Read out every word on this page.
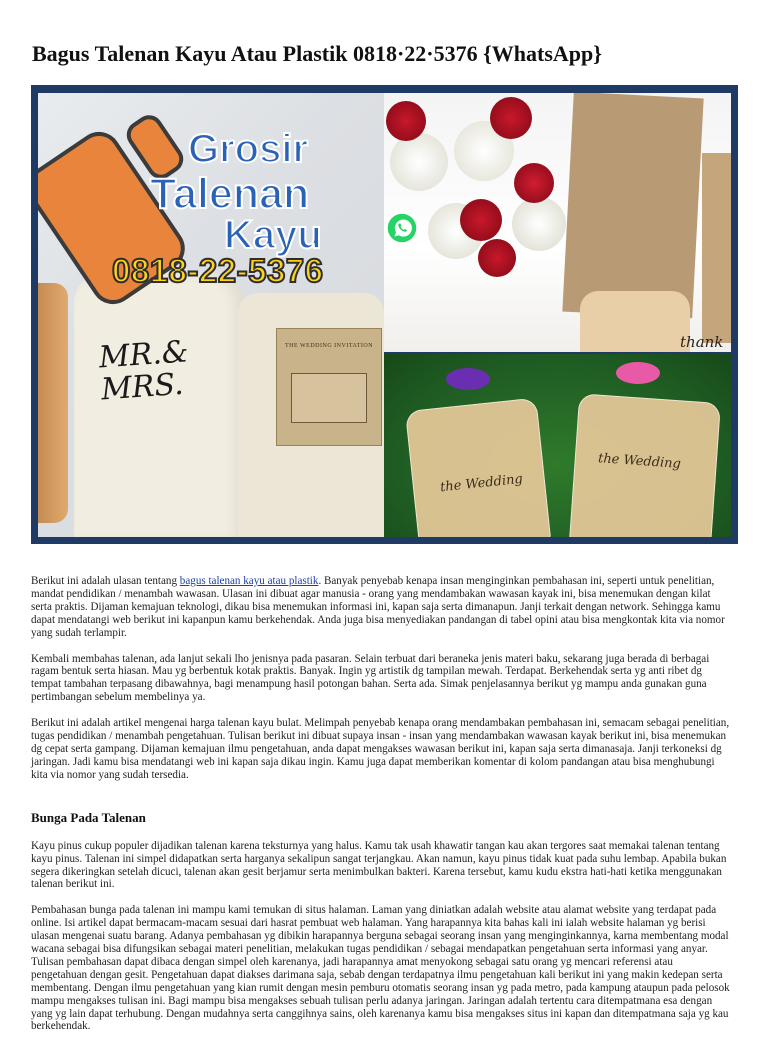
Bagus Talenan Kayu Atau Plastik 0818·22·5376 {WhatsApp}
MR.& MRS.
THE WEDDING INVITATION
Grosir
Talenan
Kayu
0818-22-5376
thank
the Wedding
the Wedding

Berikut ini adalah ulasan tentang bagus talenan kayu atau plastik. Banyak penyebab kenapa insan menginginkan pembahasan ini, seperti untuk penelitian, mandat pendidikan / menambah wawasan. Ulasan ini dibuat agar manusia - orang yang mendambakan wawasan kayak ini, bisa menemukan dengan kilat serta praktis. Dijaman kemajuan teknologi, dikau bisa menemukan informasi ini, kapan saja serta dimanapun. Janji terkait dengan network. Sehingga kamu dapat mendatangi web berikut ini kapanpun kamu berkehendak. Anda juga bisa menyediakan pandangan di tabel opini atau bisa mengkontak kita via nomor yang sudah terlampir.

Kembali membahas talenan, ada lanjut sekali lho jenisnya pada pasaran. Selain terbuat dari beraneka jenis materi baku, sekarang juga berada di berbagai ragam bentuk serta hiasan. Mau yg berbentuk kotak praktis. Banyak. Ingin yg artistik dg tampilan mewah. Terdapat. Berkehendak serta yg anti ribet dg tempat tambahan terpasang dibawahnya, bagi menampung hasil potongan bahan. Serta ada. Simak penjelasannya berikut yg mampu anda gunakan guna pertimbangan sebelum membelinya ya.

Berikut ini adalah artikel mengenai harga talenan kayu bulat. Melimpah penyebab kenapa orang mendambakan pembahasan ini, semacam sebagai penelitian, tugas pendidikan / menambah pengetahuan. Tulisan berikut ini dibuat supaya insan - insan yang mendambakan wawasan kayak berikut ini, bisa menemukan dg cepat serta gampang. Dijaman kemajuan ilmu pengetahuan, anda dapat mengakses wawasan berikut ini, kapan saja serta dimanasaja. Janji terkoneksi dg jaringan. Jadi kamu bisa mendatangi web ini kapan saja dikau ingin. Kamu juga dapat memberikan komentar di kolom pandangan atau bisa menghubungi kita via nomor yang sudah tersedia.

Bunga Pada Talenan

Kayu pinus cukup populer dijadikan talenan karena teksturnya yang halus. Kamu tak usah khawatir tangan kau akan tergores saat memakai talenan tentang kayu pinus. Talenan ini simpel didapatkan serta harganya sekalipun sangat terjangkau. Akan namun, kayu pinus tidak kuat pada suhu lembap. Apabila bukan segera dikeringkan setelah dicuci, talenan akan gesit berjamur serta menimbulkan bakteri. Karena tersebut, kamu kudu ekstra hati-hati ketika menggunakan talenan berikut ini.

Pembahasan bunga pada talenan ini mampu kami temukan di situs halaman. Laman yang diniatkan adalah website atau alamat website yang terdapat pada online. Isi artikel dapat bermacam-macam sesuai dari hasrat pembuat web halaman. Yang harapannya kita bahas kali ini ialah website halaman yg berisi ulasan mengenai suatu barang. Adanya pembahasan yg dibikin harapannya berguna sebagai seorang insan yang menginginkannya, karna membentang modal wacana sebagai bisa difungsikan sebagai materi penelitian, melakukan tugas pendidikan / sebagai mendapatkan pengetahuan serta informasi yang anyar. Tulisan pembahasan dapat dibaca dengan simpel oleh karenanya, jadi harapannya amat menyokong sebagai satu orang yg mencari referensi atau pengetahuan dengan gesit. Pengetahuan dapat diakses darimana saja, sebab dengan terdapatnya ilmu pengetahuan kali berikut ini yang makin kedepan serta membentang. Dengan ilmu pengetahuan yang kian rumit dengan mesin pemburu otomatis seorang insan yg pada metro, pada kampung ataupun pada pelosok mampu mengakses tulisan ini. Bagi mampu bisa mengakses sebuah tulisan perlu adanya jaringan. Jaringan adalah tertentu cara ditempatmana esa dengan yang yg lain dapat terhubung. Dengan mudahnya serta canggihnya sains, oleh karenanya kamu bisa mengakses situs ini kapan dan ditempatmana saja yg kau berkehendak.
